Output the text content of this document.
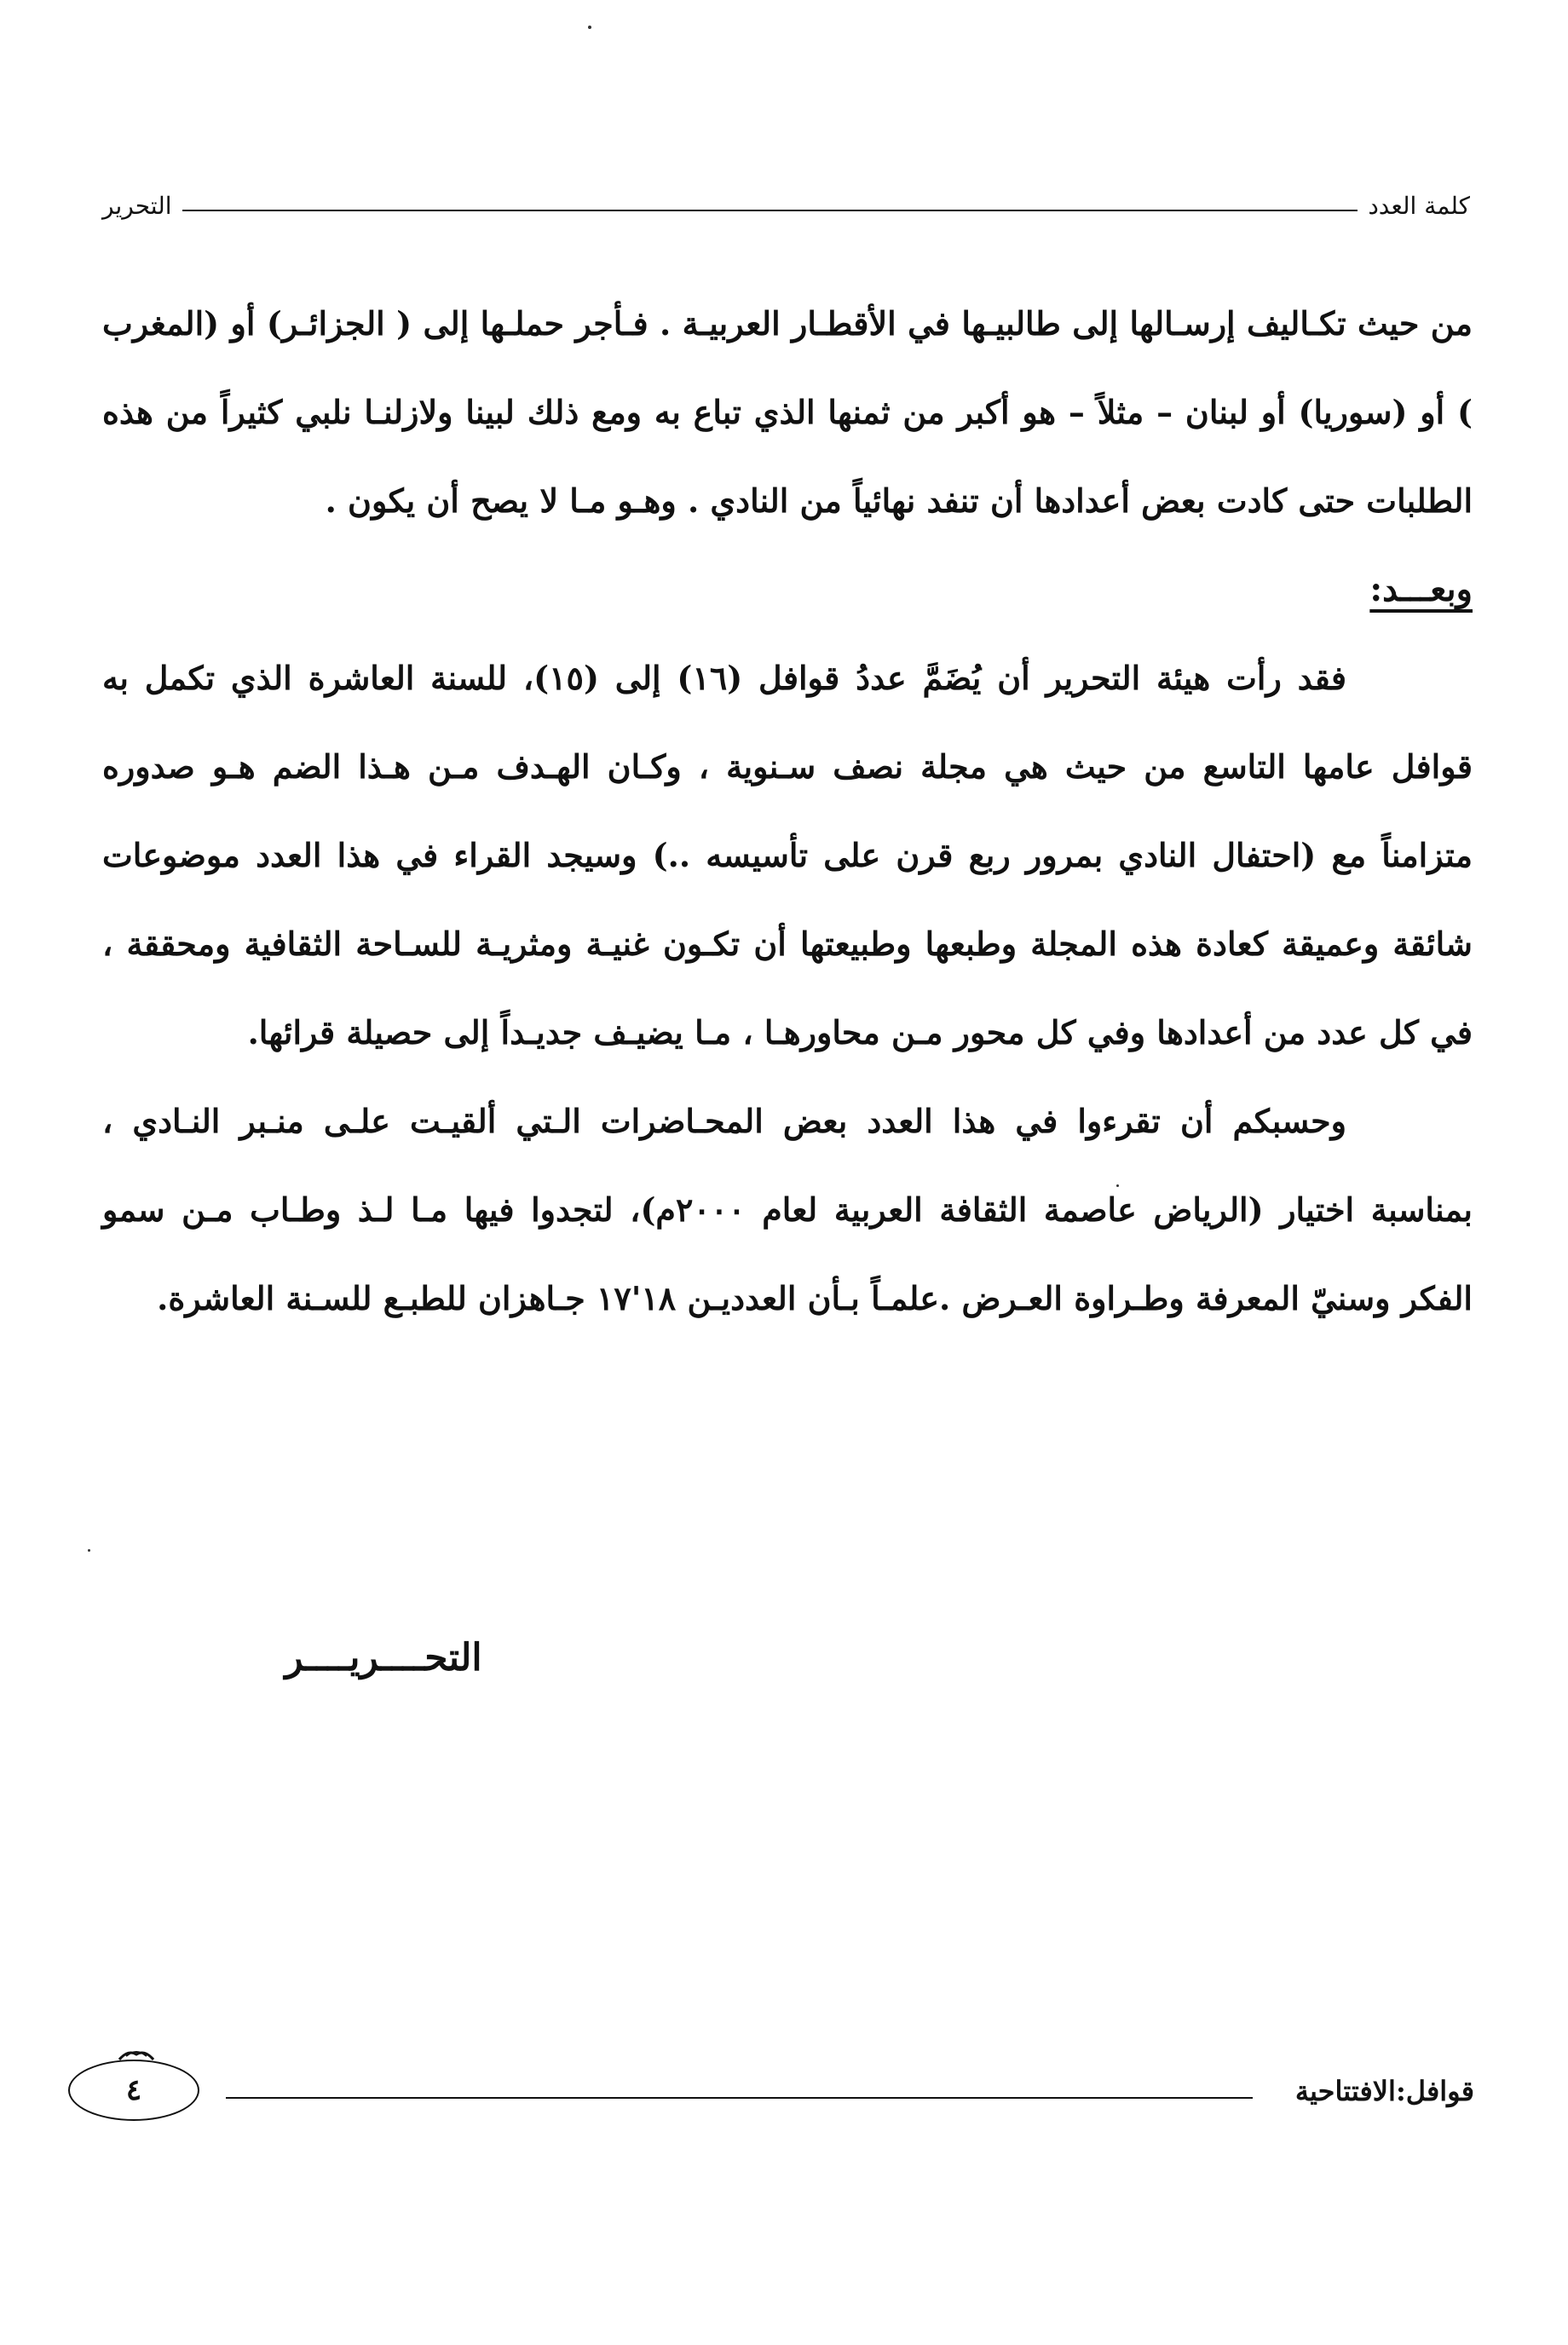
كلمة العدد
التحرير

من حيث تكـاليف إرسـالها إلى طالبيـها في الأقطـار العربيـة . فـأجر حملـها إلى ( الجزائـر) أو (المغرب ) أو (سوريا) أو لبنان – مثلاً – هو أكبر من ثمنها الذي تباع به ومع ذلك لبينا ولازلنـا نلبي كثيراً من هذه الطلبات حتى كادت بعض أعدادها أن تنفد نهائياً من النادي . وهـو مـا لا يصح أن يكون .

وبعـــد:

فقد رأت هيئة التحرير أن يُضَمَّ عددُ قوافل (١٦) إلى (١٥)، للسنة العاشرة الذي تكمل به قوافل عامها التاسع من حيث هي مجلة نصف سـنوية ، وكـان الهـدف مـن هـذا الضم هـو صدوره متزامناً مع (احتفال النادي بمرور ربع قرن على تأسيسه ..) وسيجد القراء في هذا العدد موضوعات شائقة وعميقة كعادة هذه المجلة وطبعها وطبيعتها أن تكـون غنيـة ومثريـة للسـاحة الثقافية ومحققة ، في كل عدد من أعدادها وفي كل محور مـن محاورهـا ، مـا يضيـف جديـداً إلى حصيلة قرائها.

وحسبكم أن تقرءوا في هذا العدد بعض المحـاضرات الـتي ألقيـت علـى منـبر النـادي ، بمناسبة اختيار (الرياض عاصمة الثقافة العربية لعام ٢٠٠٠م)، لتجدوا فيها مـا لـذ وطـاب مـن سمو الفكر وسنيّ المعرفة وطـراوة العـرض .علمـاً بـأن العدديـن ١٨'١٧ جـاهزان للطبـع للسـنة العاشرة.

التحــــريــــر
قوافل:الافتتاحية
٤
